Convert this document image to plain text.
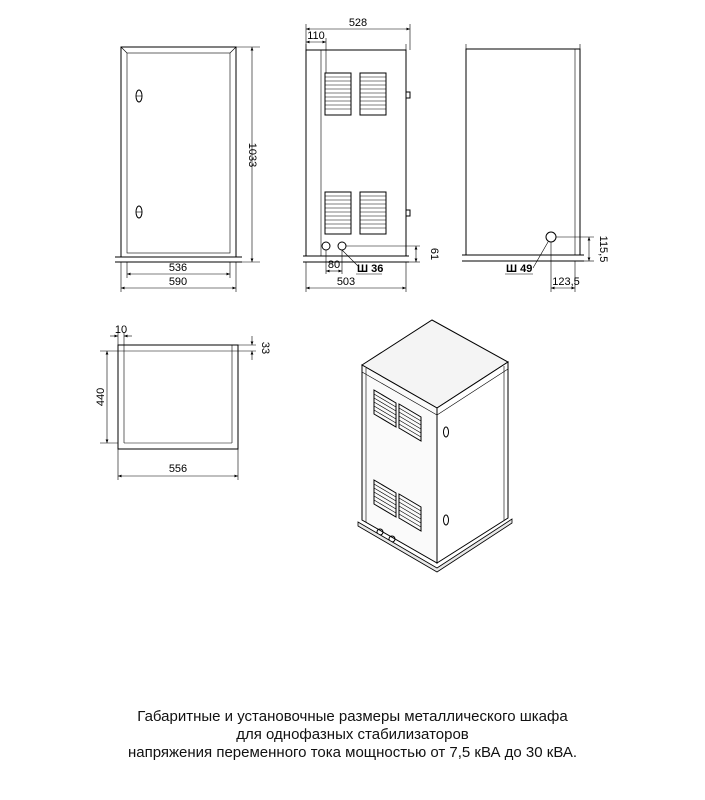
536
590
1033
Ш 36
528
110
80
503
61
Ш 49
115,5
123,5
10
33
440
556
Габаритные и установочные размеры металлического шкафа
для однофазных стабилизаторов
напряжения переменного тока мощностью от 7,5 кВА до 30 кВА.
